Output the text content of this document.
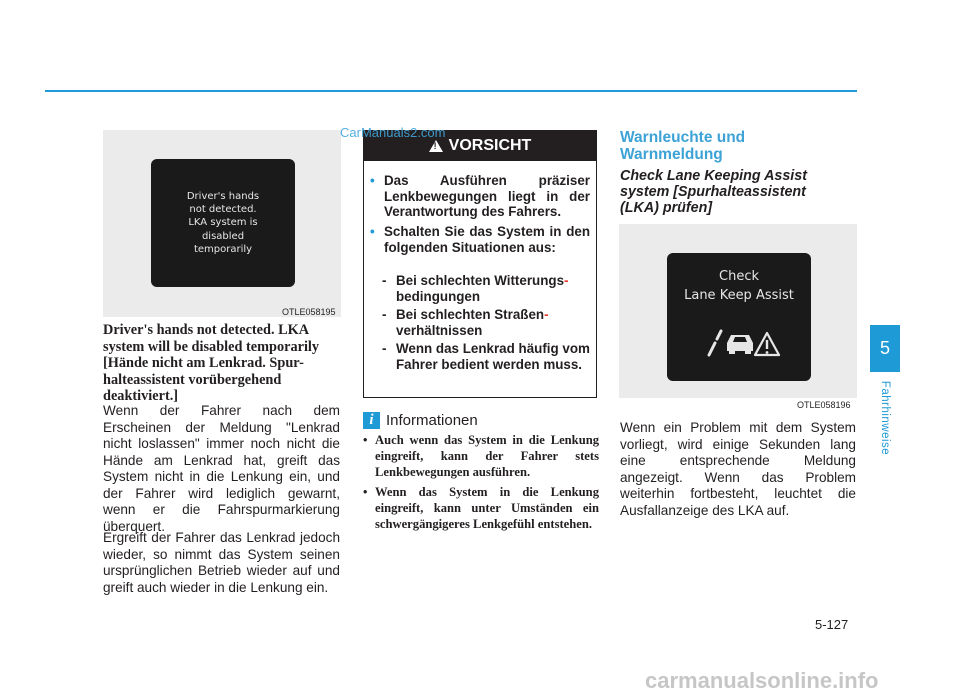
Driver's hands
not detected.
LKA system is
disabled
temporarily
OTLE058195
Driver's hands not detected. LKA system will be disabled temporarily [Hände nicht am Lenkrad. Spur-halteassistent vorübergehend deaktiviert.]

Wenn der Fahrer nach dem Erscheinen der Meldung "Lenkrad nicht loslassen" immer noch nicht die Hände am Lenkrad hat, greift das System nicht in die Lenkung ein, und der Fahrer wird lediglich gewarnt, wenn er die Fahrspurmarkierung überquert.

Ergreift der Fahrer das Lenkrad jedoch wieder, so nimmt das System seinen ursprünglichen Betrieb wieder auf und greift auch wieder in die Lenkung ein.

! VORSICHT
• Das Ausführen präziser Lenkbewegungen liegt in der Verantwortung des Fahrers.
• Schalten Sie das System in den folgenden Situationen aus:
- Bei schlechten Witterungs-
bedingungen
- Bei schlechten Straßen-
verhältnissen
- Wenn das Lenkrad häufig vom Fahrer bedient werden muss.
i Informationen
• Auch wenn das System in die Lenkung eingreift, kann der Fahrer stets Lenkbewegungen ausführen.
• Wenn das System in die Lenkung eingreift, kann unter Umständen ein schwergängigeres Lenkgefühl entstehen.
Warnleuchte und Warnmeldung
Check Lane Keeping Assist system [Spurhalteassistent (LKA) prüfen]
Check
Lane Keep Assist
OTLE058196

Wenn ein Problem mit dem System vorliegt, wird einige Sekunden lang eine entsprechende Meldung angezeigt. Wenn das Problem weiterhin fortbesteht, leuchtet die Ausfallanzeige des LKA auf.

5
Fahrhinweise
5-127
CarManuals2.com
carmanualsonline.info
